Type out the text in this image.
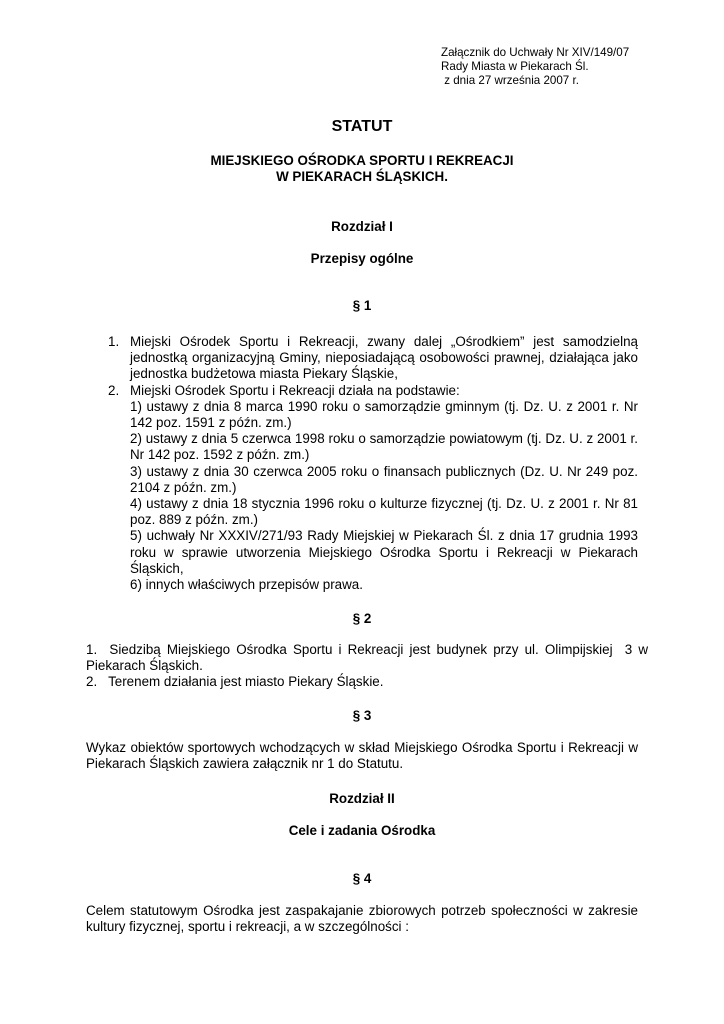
Załącznik do Uchwały Nr XIV/149/07
Rady Miasta w Piekarach Śl.
z dnia 27 września 2007 r.
STATUT
MIEJSKIEGO OŚRODKA SPORTU I REKREACJI
W PIEKARACH ŚLĄSKICH.
Rozdział I
Przepisy ogólne
§ 1
1. Miejski Ośrodek Sportu i Rekreacji, zwany dalej „Ośrodkiem” jest samodzielną jednostką organizacyjną Gminy, nieposiadającą osobowości prawnej, działająca jako jednostka budżetowa miasta Piekary Śląskie,
2. Miejski Ośrodek Sportu i Rekreacji działa na podstawie:
1) ustawy z dnia 8 marca 1990 roku o samorządzie gminnym (tj. Dz. U. z 2001 r. Nr 142 poz. 1591 z późn. zm.)
2) ustawy z dnia 5 czerwca 1998 roku o samorządzie powiatowym (tj. Dz. U. z 2001 r. Nr 142 poz. 1592 z późn. zm.)
3) ustawy z dnia 30 czerwca 2005 roku o finansach publicznych (Dz. U. Nr 249 poz. 2104 z późn. zm.)
4) ustawy z dnia 18 stycznia 1996 roku o kulturze fizycznej (tj. Dz. U. z 2001 r. Nr 81 poz. 889 z późn. zm.)
5) uchwały Nr XXXIV/271/93 Rady Miejskiej w Piekarach Śl. z dnia 17 grudnia 1993 roku w sprawie utworzenia Miejskiego Ośrodka Sportu i Rekreacji w Piekarach Śląskich,
6) innych właściwych przepisów prawa.
§ 2

1.  Siedzibą Miejskiego Ośrodka Sportu i Rekreacji jest budynek przy ul. Olimpijskiej  3 w Piekarach Śląskich.

2.   Terenem działania jest miasto Piekary Śląskie.

§ 3

Wykaz obiektów sportowych wchodzących w skład Miejskiego Ośrodka Sportu i Rekreacji w Piekarach Śląskich zawiera załącznik nr 1 do Statutu.

Rozdział II
Cele i zadania Ośrodka
§ 4

Celem statutowym Ośrodka jest zaspakajanie zbiorowych potrzeb społeczności w zakresie kultury fizycznej, sportu i rekreacji, a w szczególności :
